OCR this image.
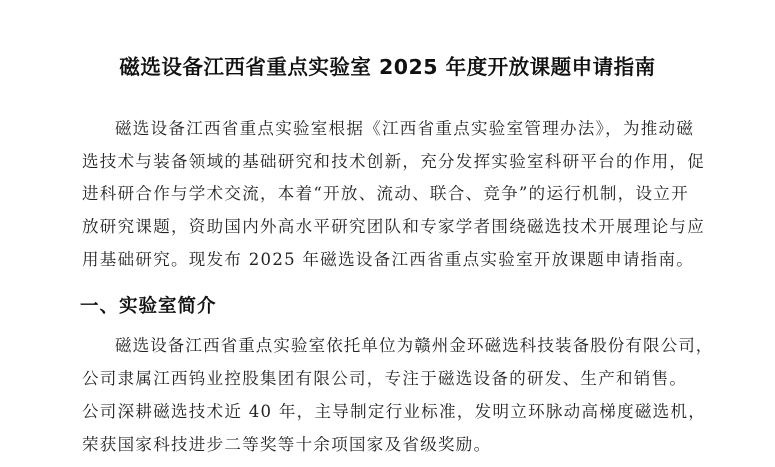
磁选设备江西省重点实验室 2025 年度开放课题申请指南
磁选设备江西省重点实验室根据《江西省重点实验室管理办法》，为推动磁
选技术与装备领域的基础研究和技术创新，充分发挥实验室科研平台的作用，促
进科研合作与学术交流，本着“开放、流动、联合、竞争”的运行机制，设立开
放研究课题，资助国内外高水平研究团队和专家学者围绕磁选技术开展理论与应
用基础研究。现发布 2025 年磁选设备江西省重点实验室开放课题申请指南。
一、实验室简介
磁选设备江西省重点实验室依托单位为赣州金环磁选科技装备股份有限公司，
公司隶属江西钨业控股集团有限公司，专注于磁选设备的研发、生产和销售。
公司深耕磁选技术近 40 年，主导制定行业标准，发明立环脉动高梯度磁选机，
荣获国家科技进步二等奖等十余项国家及省级奖励。
